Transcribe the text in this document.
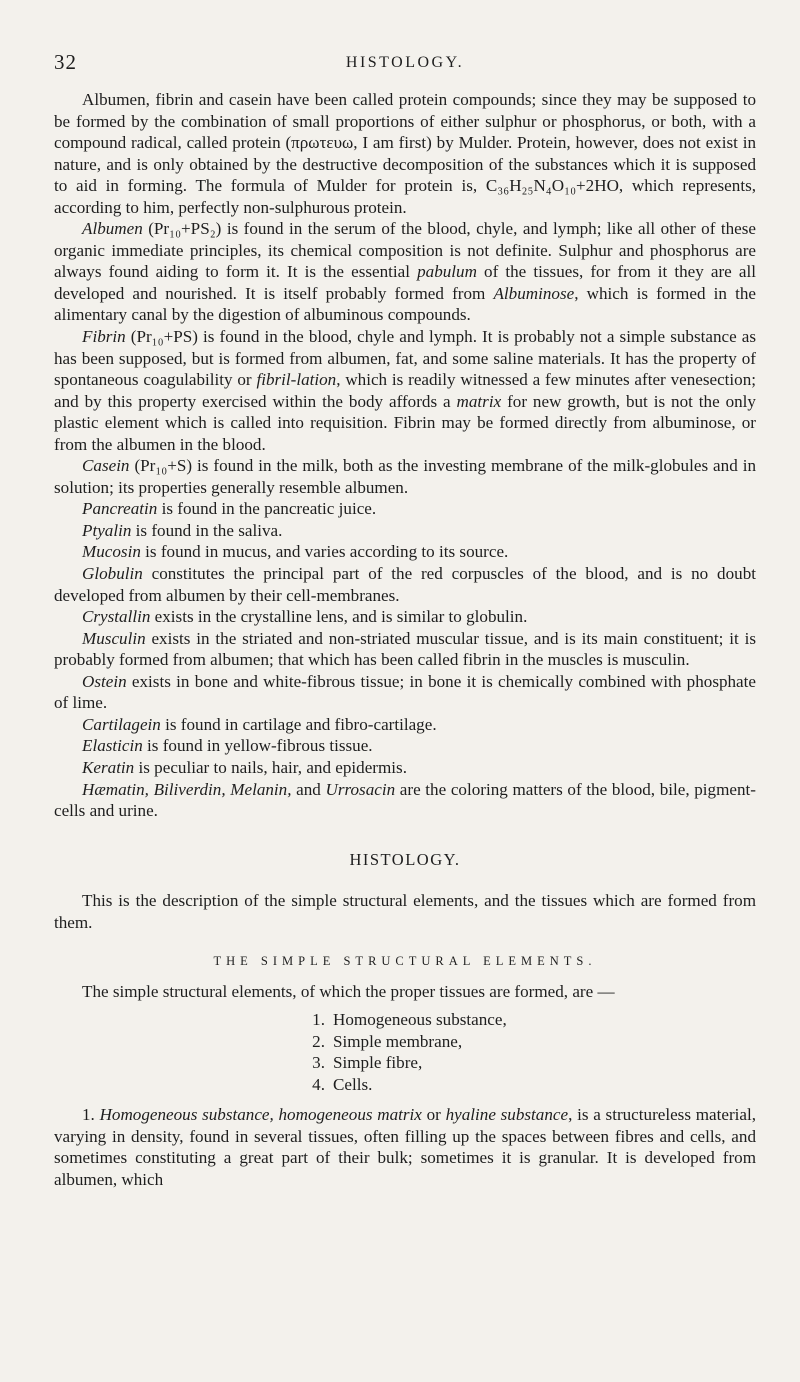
32	HISTOLOGY.

Albumen, fibrin and casein have been called protein compounds; since they may be supposed to be formed by the combination of small proportions of either sulphur or phosphorus, or both, with a compound radical, called protein (πρωτευω, I am first) by Mulder. Protein, however, does not exist in nature, and is only obtained by the destructive decomposition of the substances which it is supposed to aid in forming. The formula of Mulder for protein is, C₃₆H₂₅N₄O₁₀+2HO, which represents, according to him, perfectly non-sulphurous protein.

Albumen (Pr₁₀+PS₂) is found in the serum of the blood, chyle, and lymph; like all other of these organic immediate principles, its chemical composition is not definite. Sulphur and phosphorus are always found aiding to form it. It is the essential pabulum of the tissues, for from it they are all developed and nourished. It is itself probably formed from Albuminose, which is formed in the alimentary canal by the digestion of albuminous compounds.

Fibrin (Pr₁₀+PS) is found in the blood, chyle and lymph. It is probably not a simple substance as has been supposed, but is formed from albumen, fat, and some saline materials. It has the property of spontaneous coagulability or fibril-lation, which is readily witnessed a few minutes after venesection; and by this property exercised within the body affords a matrix for new growth, but is not the only plastic element which is called into requisition. Fibrin may be formed directly from albuminose, or from the albumen in the blood.

Casein (Pr₁₀+S) is found in the milk, both as the investing membrane of the milk-globules and in solution; its properties generally resemble albumen.

Pancreatin is found in the pancreatic juice.

Ptyalin is found in the saliva.

Mucosin is found in mucus, and varies according to its source.

Globulin constitutes the principal part of the red corpuscles of the blood, and is no doubt developed from albumen by their cell-membranes.

Crystallin exists in the crystalline lens, and is similar to globulin.

Musculin exists in the striated and non-striated muscular tissue, and is its main constituent; it is probably formed from albumen; that which has been called fibrin in the muscles is musculin.

Ostein exists in bone and white-fibrous tissue; in bone it is chemically combined with phosphate of lime.

Cartilagein is found in cartilage and fibro-cartilage.

Elasticin is found in yellow-fibrous tissue.

Keratin is peculiar to nails, hair, and epidermis.

Hæmatin, Biliverdin, Melanin, and Urrosacin are the coloring matters of the blood, bile, pigment-cells and urine.

HISTOLOGY.

This is the description of the simple structural elements, and the tissues which are formed from them.

THE SIMPLE STRUCTURAL ELEMENTS.

The simple structural elements, of which the proper tissues are formed, are —

1. Homogeneous substance,
2. Simple membrane,
3. Simple fibre,
4. Cells.

1. Homogeneous substance, homogeneous matrix or hyaline substance, is a structureless material, varying in density, found in several tissues, often filling up the spaces between fibres and cells, and sometimes constituting a great part of their bulk; sometimes it is granular. It is developed from albumen, which
